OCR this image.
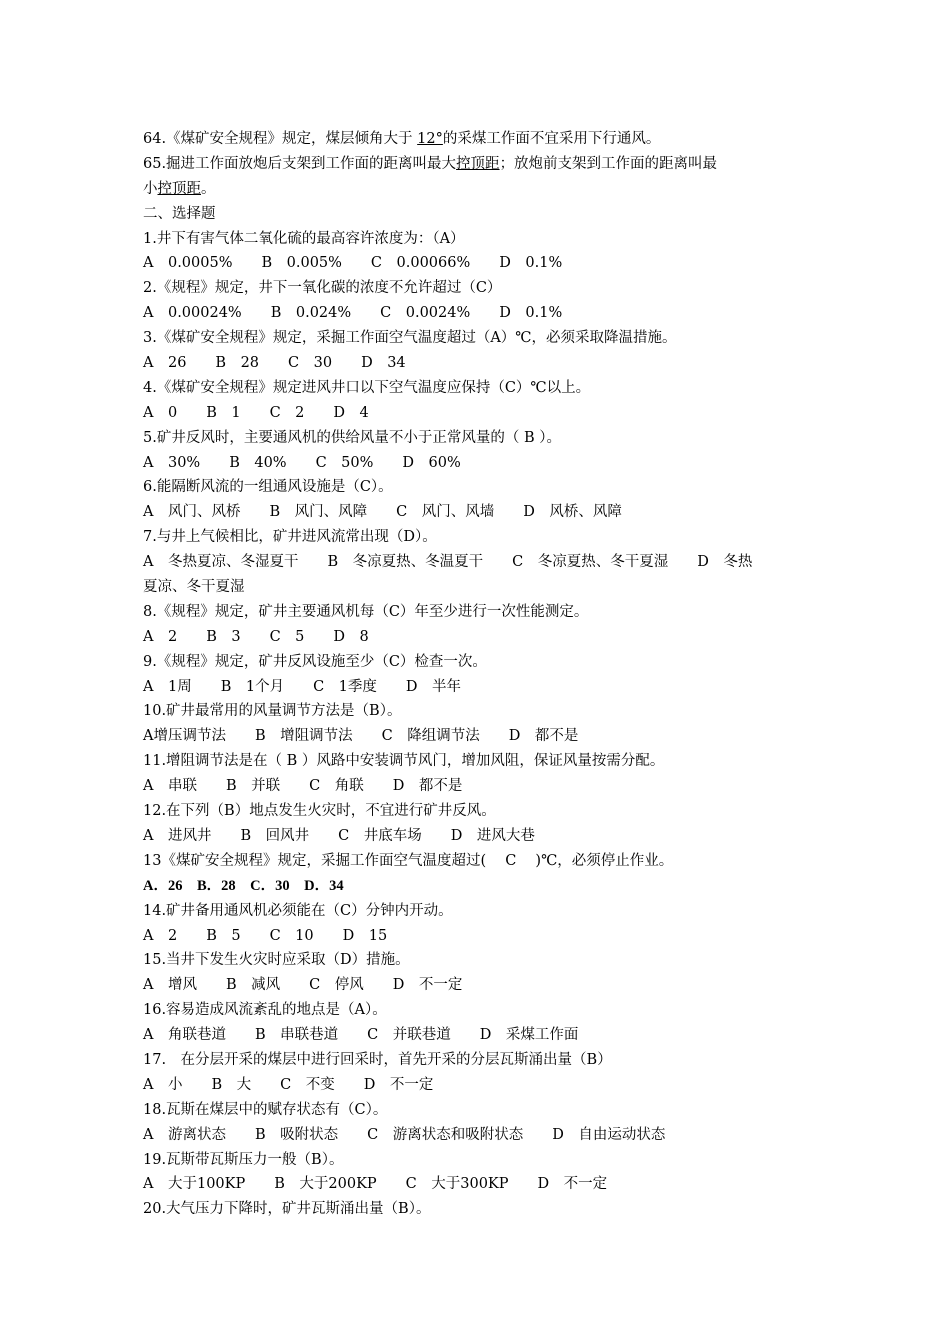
64.《煤矿安全规程》规定，煤层倾角大于 12°的采煤工作面不宜采用下行通风。
65.掘进工作面放炮后支架到工作面的距离叫最大控顶距；放炮前支架到工作面的距离叫最
小控顶距。
二、选择题
1.井下有害气体二氧化硫的最高容许浓度为：（A）
A　0.0005%　　B　0.005%　　C　0.00066%　　D　0.1%
2.《规程》规定，井下一氧化碳的浓度不允许超过（C）
A　0.00024%　　B　0.024%　　C　0.0024%　　D　0.1%
3.《煤矿安全规程》规定，采掘工作面空气温度超过（A）℃，必须采取降温措施。
A　26　　B　28　　C　30　　D　34
4.《煤矿安全规程》规定进风井口以下空气温度应保持（C）℃以上。
A　0　　B　1　　C　2　　D　4
5.矿井反风时，主要通风机的供给风量不小于正常风量的（ B ）。
A　30%　　B　40%　　C　50%　　D　60%
6.能隔断风流的一组通风设施是（C）。
A　风门、风桥　　B　风门、风障　　C　风门、风墙　　D　风桥、风障
7.与井上气候相比，矿井进风流常出现（D）。
A　冬热夏凉、冬湿夏干　　B　冬凉夏热、冬温夏干　　C　冬凉夏热、冬干夏湿　　D　冬热
夏凉、冬干夏湿
8.《规程》规定，矿井主要通风机每（C）年至少进行一次性能测定。
A　2　　B　3　　C　5　　D　8
9.《规程》规定，矿井反风设施至少（C）检查一次。
A　1周　　B　1个月　　C　1季度　　D　半年
10.矿井最常用的风量调节方法是（B）。
A增压调节法　　B　增阻调节法　　C　降组调节法　　D　都不是
11.增阻调节法是在（ B ）风路中安装调节风门，增加风阻，保证风量按需分配。
A　串联　　B　并联　　C　角联　　D　都不是
12.在下列（B）地点发生火灾时，不宜进行矿井反风。
A　进风井　　B　回风井　　C　井底车场　　D　进风大巷
13《煤矿安全规程》规定，采掘工作面空气温度超过(　 C　 )℃，必须停止作业。
A．26　B．28　C．30　D．34
14.矿井备用通风机必须能在（C）分钟内开动。
A　2　　B　5　　C　10　　D　15
15.当井下发生火灾时应采取（D）措施。
A　增风　　B　减风　　C　停风　　D　不一定
16.容易造成风流紊乱的地点是（A）。
A　角联巷道　　B　串联巷道　　C　并联巷道　　D　采煤工作面
17.　在分层开采的煤层中进行回采时，首先开采的分层瓦斯涌出量（B）
A　小　　B　大　　C　不变　　D　不一定
18.瓦斯在煤层中的赋存状态有（C）。
A　游离状态　　B　吸附状态　　C　游离状态和吸附状态　　D　自由运动状态
19.瓦斯带瓦斯压力一般（B）。
A　大于100KP　　B　大于200KP　　C　大于300KP　　D　不一定
20.大气压力下降时，矿井瓦斯涌出量（B）。
